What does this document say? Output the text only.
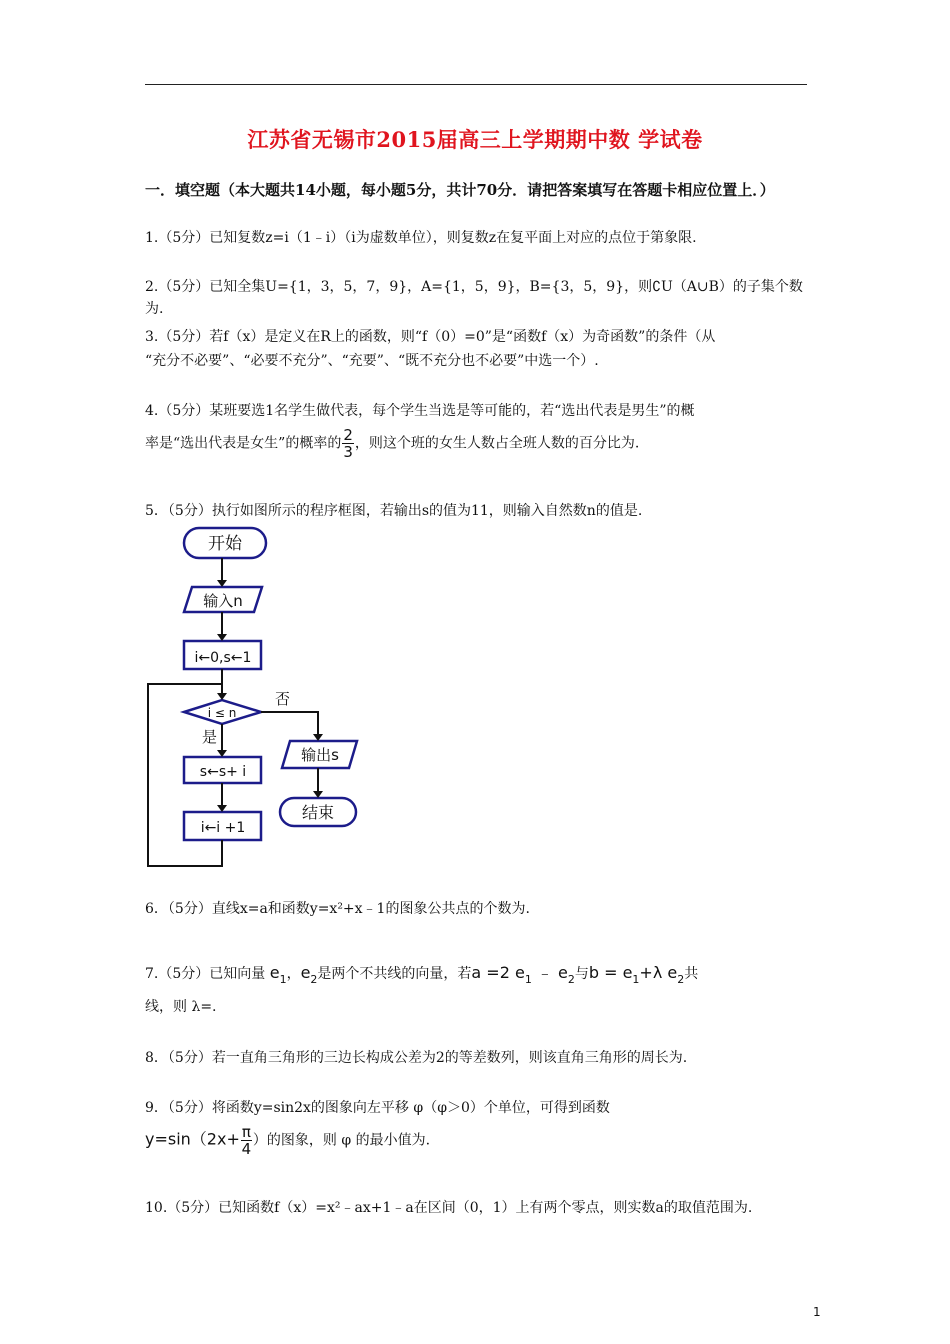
江苏省无锡市2015届高三上学期期中数 学试卷
一．填空题（本大题共14小题，每小题5分，共计70分．请把答案填写在答题卡相应位置上．）
1.（5分）已知复数z=i（1﹣i）（i为虚数单位），则复数z在复平面上对应的点位于第象限.
2.（5分）已知全集U={1，3，5，7，9}，A={1，5，9}，B={3，5，9}，则∁U（A∪B）的子集个数为.
3.（5分）若f（x）是定义在R上的函数，则“f（0）=0”是“函数f（x）为奇函数”的条件（从
“充分不必要”、“必要不充分”、“充要”、“既不充分也不必要”中选一个）.
4.（5分）某班要选1名学生做代表，每个学生当选是等可能的，若“选出代表是男生”的概
率是“选出代表是女生”的概率的 $\frac{2}{3}$ ，则这个班的女生人数占全班人数的百分比为.
5．（5分）执行如图所示的程序框图，若输出s的值为11，则输入自然数n的值是.
开始
输入n
i←0,s←1
i ≤ n
否
是
s←s+ i
i←i +1
输出s
结束
6．（5分）直线x=a和函数y=x²+x﹣1的图象公共点的个数为.
7.（5分）已知向量 $e_1$，$e_2$是两个不共线的向量，若a =2 $e_1$ ﹣ $e_2$与$b = e_1+\lambda$ $e_2$共
线，则 λ=.
8．（5分）若一直角三角形的三边长构成公差为2的等差数列，则该直角三角形的周长为.
9．（5分）将函数y=sin2x的图象向左平移 φ（φ＞0）个单位，可得到函数
$y=\sin(2x+ \frac{\pi}{4}$ ）的图象，则 φ 的最小值为.
10.（5分）已知函数f（x）=x²﹣ax+1﹣a在区间（0，1）上有两个零点，则实数a的取值范围为.
1
